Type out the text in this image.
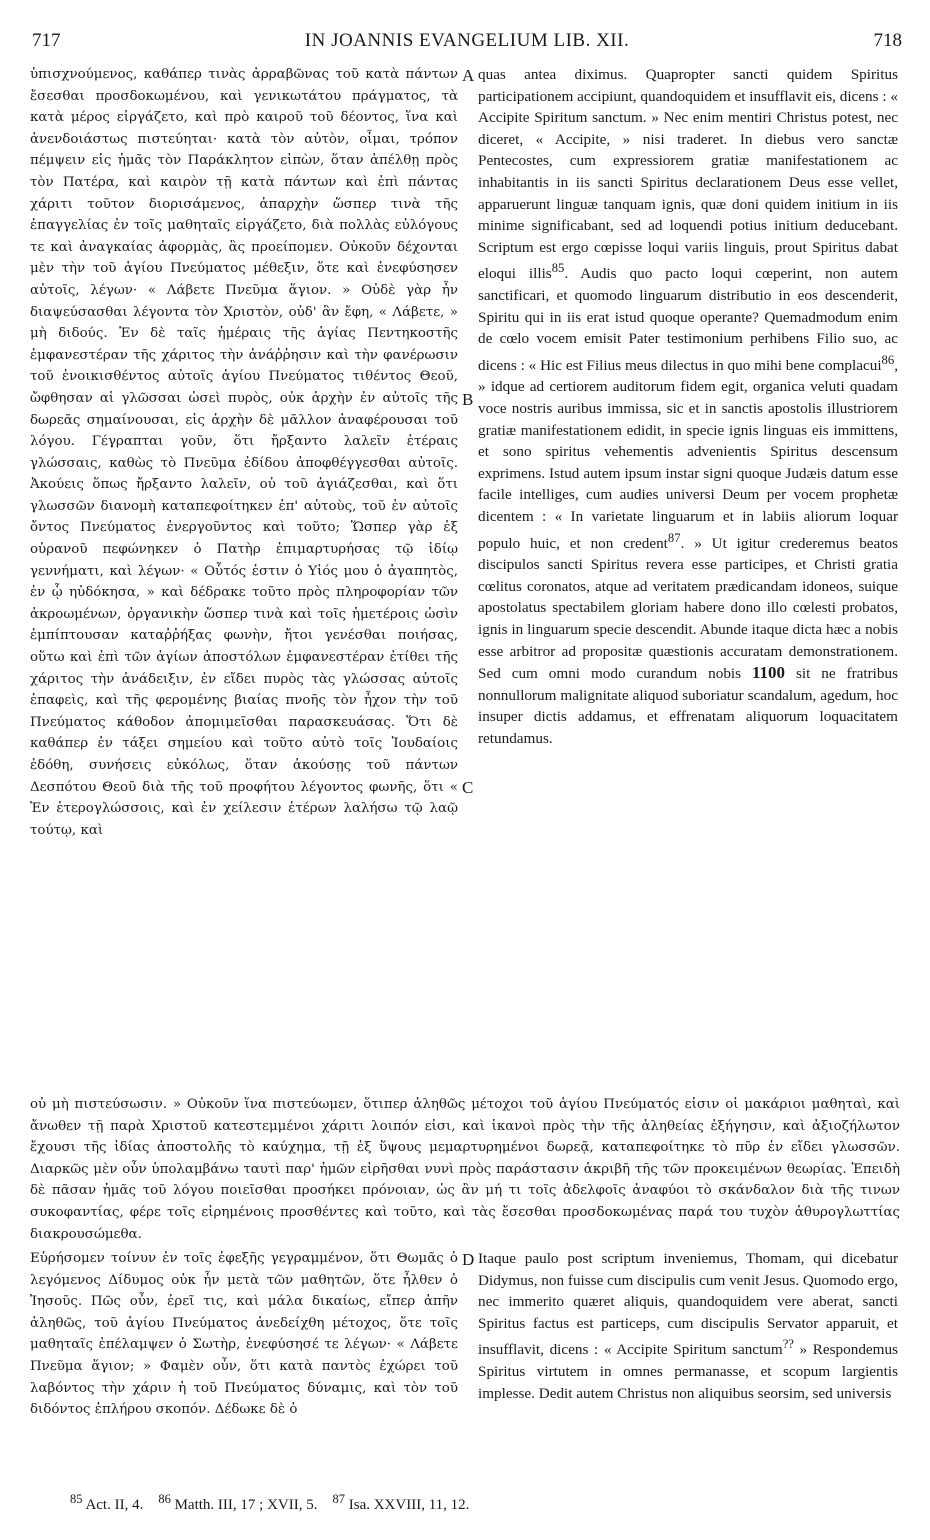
717	IN JOANNIS EVANGELIUM LIB. XII.	718
ὑπισχνούμενος, καθάπερ τινὰς ἀρραβῶνας τοῦ κατὰ πάντων ἔσεσθαι προσδοκωμένου, καὶ γενικωτάτου πράγματος, τὰ κατὰ μέρος εἰργάζετο, καὶ πρὸ καιροῦ τοῦ δέοντος, ἵνα καὶ ἀνενδοιάστως πιστεύηται· κατὰ τὸν αὐτὸν, οἶμαι, τρόπον πέμψειν εἰς ἡμᾶς τὸν Παράκλητον εἰπὼν, ὅταν ἀπέλθῃ πρὸς τὸν Πατέρα, καὶ καιρὸν τῇ κατὰ πάντων καὶ ἐπὶ πάντας χάριτι τοῦτον διορισάμενος, ἀπαρχὴν ὥσπερ τινὰ τῆς ἐπαγγελίας ἐν τοῖς μαθηταῖς εἰργάζετο, διὰ πολλὰς εὐλόγους τε καὶ ἀναγκαίας ἀφορμὰς, ἃς προείπομεν. Οὐκοῦν δέχονται μὲν τὴν τοῦ ἁγίου Πνεύματος μέθεξιν, ὅτε καὶ ἐνεφύσησεν αὐτοῖς, λέγων· « Λάβετε Πνεῦμα ἅγιον. » Οὐδὲ γὰρ ἦν διαψεύσασθαι λέγοντα τὸν Χριστὸν, οὐδ' ἂν ἔφη, « Λάβετε, » μὴ διδούς. Ἐν δὲ ταῖς ἡμέραις τῆς ἁγίας Πεντηκοστῆς ἐμφανεστέραν τῆς χάριτος τὴν ἀνάῤῥησιν καὶ τὴν φανέρωσιν τοῦ ἐνοικισθέντος αὐτοῖς ἁγίου Πνεύματος τιθέντος Θεοῦ, ὤφθησαν αἱ γλῶσσαι ὡσεὶ πυρὸς, οὐκ ἀρχὴν ἐν αὐτοῖς τῆς δωρεᾶς σημαίνουσαι, εἰς ἀρχὴν δὲ μᾶλλον ἀναφέρουσαι τοῦ λόγου. Γέγραπται γοῦν, ὅτι ἤρξαντο λαλεῖν ἑτέραις γλώσσαις, καθὼς τὸ Πνεῦμα ἐδίδου ἀποφθέγγεσθαι αὐτοῖς. Ἀκούεις ὅπως ἤρξαντο λαλεῖν, οὐ τοῦ ἁγιάζεσθαι, καὶ ὅτι γλωσσῶν διανομὴ καταπεφοίτηκεν ἐπ' αὐτοὺς, τοῦ ἐν αὐτοῖς ὄντος Πνεύματος ἐνεργοῦντος καὶ τοῦτο; Ὥσπερ γὰρ ἐξ οὐρανοῦ πεφώνηκεν ὁ Πατὴρ ἐπιμαρτυρήσας τῷ ἰδίῳ γεννήματι, καὶ λέγων· « Οὗτός ἐστιν ὁ Υἱός μου ὁ ἀγαπητὸς, ἐν ᾧ ηὐδόκησα, » καὶ δέδρακε τοῦτο πρὸς πληροφορίαν τῶν ἀκροωμένων, ὀργανικὴν ὥσπερ τινὰ καὶ τοῖς ἡμετέροις ὠσὶν ἐμπίπτουσαν καταῤῥήξας φωνὴν, ἤτοι γενέσθαι ποιήσας, οὕτω καὶ ἐπὶ τῶν ἁγίων ἀποστόλων ἐμφανεστέραν ἐτίθει τῆς χάριτος τὴν ἀνάδειξιν, ἐν εἴδει πυρὸς τὰς γλώσσας αὐτοῖς ἐπαφεὶς, καὶ τῆς φερομένης βιαίας πνοῆς τὸν ἦχον τὴν τοῦ Πνεύματος κάθοδον ἀπομιμεῖσθαι παρασκευάσας. Ὅτι δὲ καθάπερ ἐν τάξει σημείου καὶ τοῦτο αὐτὸ τοῖς Ἰουδαίοις ἐδόθη, συνήσεις εὐκόλως, ὅταν ἀκούσῃς τοῦ πάντων Δεσπότου Θεοῦ διὰ τῆς τοῦ προφήτου λέγοντος φωνῆς, ὅτι « Ἐν ἑτερογλώσσοις, καὶ ἐν χείλεσιν ἑτέρων λαλήσω τῷ λαῷ τούτῳ, καὶ
quas antea diximus. Quapropter sancti quidem Spiritus participationem accipiunt, quandoquidem et insufflavit eis, dicens : « Accipite Spiritum sanctum. » Nec enim mentiri Christus potest, nec diceret, « Accipite, » nisi traderet. In diebus vero sanctæ Pentecostes, cum expressiorem gratiæ manifestationem ac inhabitantis in iis sancti Spiritus declarationem Deus esse vellet, apparuerunt linguæ tanquam ignis, quæ doni quidem initium in iis minime significabant, sed ad loquendi potius initium deducebant. Scriptum est ergo cœpisse loqui variis linguis, prout Spiritus dabat eloqui illis$^{85}$. Audis quo pacto loqui cœperint, non autem sanctificari, et quomodo linguarum distributio in eos descenderit, Spiritu qui in iis erat istud quoque operante? Quemadmodum enim de cœlo vocem emisit Pater testimonium perhibens Filio suo, ac dicens : « Hic est Filius meus dilectus in quo mihi bene complacui$^{86}$, » idque ad certiorem auditorum fidem egit, organica veluti quadam voce nostris auribus immissa, sic et in sanctis apostolis illustriorem gratiæ manifestationem edidit, in specie ignis linguas eis immittens, et sono spiritus vehementis advenientis Spiritus descensum exprimens. Istud autem ipsum instar signi quoque Judæis datum esse facile intelliges, cum audies universi Deum per vocem prophetæ dicentem : « In varietate linguarum et in labiis aliorum loquar populo huic, et non credent$^{87}$. » Ut igitur crederemus beatos discipulos sancti Spiritus revera esse participes, et Christi gratia cœlitus coronatos, atque ad veritatem prædicandam idoneos, suique apostolatus spectabilem gloriam habere dono illo cœlesti probatos, ignis in linguarum specie descendit. Abunde itaque dicta hæc a nobis esse arbitror ad propositæ quæstionis accuratam demonstrationem. Sed cum omni modo curandum nobis 1100 sit ne fratribus nonnullorum malignitate aliquod suboriatur scandalum, agedum, hoc insuper dictis addamus, et effrenatam aliquorum loquacitatem retundamus.
A
B
C
D
οὐ μὴ πιστεύσωσιν. » Οὐκοῦν ἵνα πιστεύωμεν, ὅτιπερ ἀληθῶς μέτοχοι τοῦ ἁγίου Πνεύματός εἰσιν οἱ μακάριοι μαθηταὶ, καὶ ἄνωθεν τῇ παρὰ Χριστοῦ κατεστεμμένοι χάριτι λοιπόν εἰσι, καὶ ἱκανοὶ πρὸς τὴν τῆς ἀληθείας ἐξήγησιν, καὶ ἀξιοζήλωτον ἔχουσι τῆς ἰδίας ἀποστολῆς τὸ καύχημα, τῇ ἐξ ὕψους μεμαρτυρημένοι δωρεᾷ, καταπεφοίτηκε τὸ πῦρ ἐν εἴδει γλωσσῶν. Διαρκῶς μὲν οὖν ὑπολαμβάνω ταυτὶ παρ' ἡμῶν εἰρῆσθαι νυνὶ πρὸς παράστασιν ἀκριβῆ τῆς τῶν προκειμένων θεωρίας. Ἐπειδὴ δὲ πᾶσαν ἡμᾶς τοῦ λόγου ποιεῖσθαι προσήκει πρόνοιαν, ὡς ἂν μή τι τοῖς ἀδελφοῖς ἀναφύοι τὸ σκάνδαλον διὰ τῆς τινων συκοφαντίας, φέρε τοῖς εἰρημένοις προσθέντες καὶ τοῦτο, καὶ τὰς ἔσεσθαι προσδοκωμένας παρά του τυχὸν ἀθυρογλωττίας διακρουσώμεθα.
Εὑρήσομεν τοίνυν ἐν τοῖς ἐφεξῆς γεγραμμένον, ὅτι Θωμᾶς ὁ λεγόμενος Δίδυμος οὐκ ἦν μετὰ τῶν μαθητῶν, ὅτε ἦλθεν ὁ Ἰησοῦς. Πῶς οὖν, ἐρεῖ τις, καὶ μάλα δικαίως, εἴπερ ἀπῆν ἀληθῶς, τοῦ ἁγίου Πνεύματος ἀνεδείχθη μέτοχος, ὅτε τοῖς μαθηταῖς ἐπέλαμψεν ὁ Σωτὴρ, ἐνεφύσησέ τε λέγων· « Λάβετε Πνεῦμα ἅγιον; » Φαμὲν οὖν, ὅτι κατὰ παντὸς ἐχώρει τοῦ λαβόντος τὴν χάριν ἡ τοῦ Πνεύματος δύναμις, καὶ τὸν τοῦ διδόντος ἐπλήρου σκοπόν. Δέδωκε δὲ ὁ
Itaque paulo post scriptum inveniemus, Thomam, qui dicebatur Didymus, non fuisse cum discipulis cum venit Jesus. Quomodo ergo, nec immerito quæret aliquis, quandoquidem vere aberat, sancti Spiritus factus est particeps, cum discipulis Servator apparuit, et insufflavit, dicens : « Accipite Spiritum sanctum?? » Respondemus Spiritus virtutem in omnes permanasse, et scopum largientis implesse. Dedit autem Christus non aliquibus seorsim, sed universis
$^{85}$ Act. II, 4. $^{86}$ Matth. III, 17 ; XVII, 5. $^{87}$ Isa. XXVIII, 11, 12.
